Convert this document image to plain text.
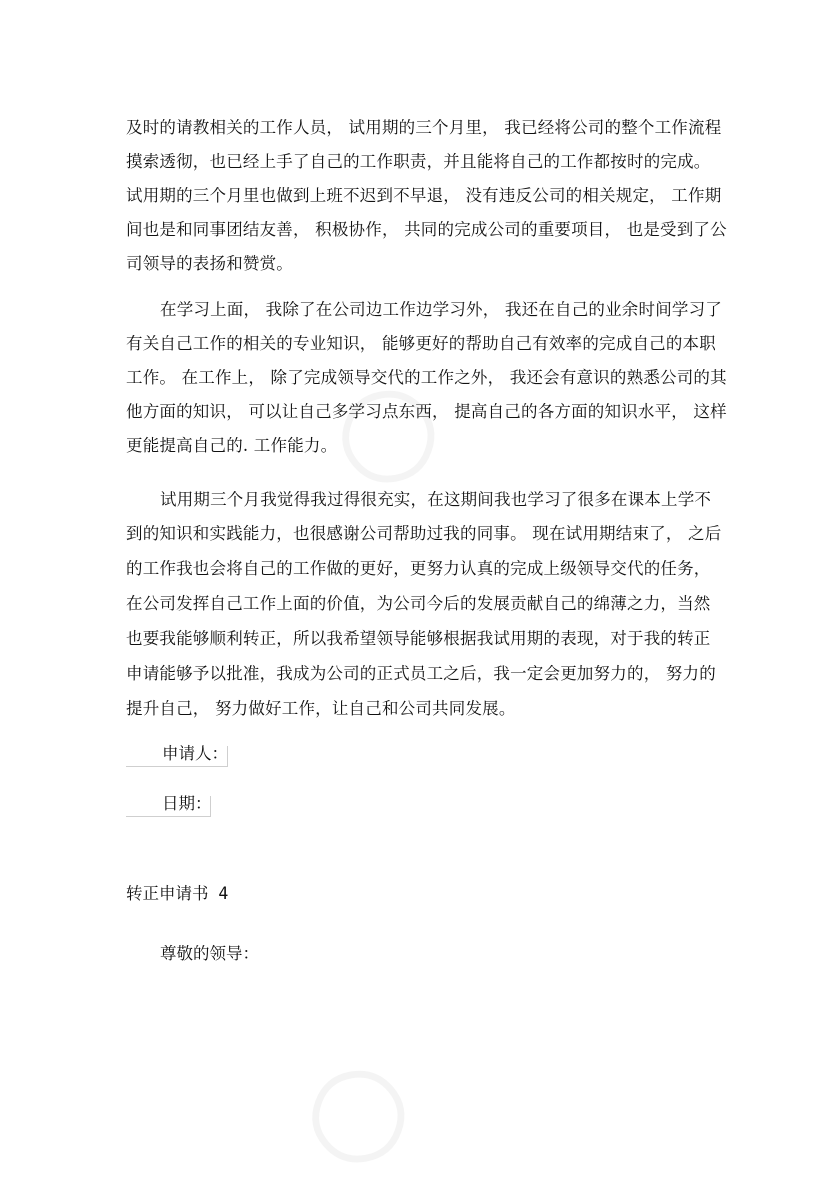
及时的请教相关的工作人员， 试用期的三个月里， 我已经将公司的整个工作流程
摸索透彻，也已经上手了自己的工作职责，并且能将自己的工作都按时的完成。
试用期的三个月里也做到上班不迟到不早退， 没有违反公司的相关规定， 工作期
间也是和同事团结友善， 积极协作， 共同的完成公司的重要项目， 也是受到了公
司领导的表扬和赞赏。
在学习上面， 我除了在公司边工作边学习外， 我还在自己的业余时间学习了
有关自己工作的相关的专业知识， 能够更好的帮助自己有效率的完成自己的本职
工作。 在工作上， 除了完成领导交代的工作之外， 我还会有意识的熟悉公司的其
他方面的知识， 可以让自己多学习点东西， 提高自己的各方面的知识水平， 这样
更能提高自己的. 工作能力。
试用期三个月我觉得我过得很充实，在这期间我也学习了很多在课本上学不
到的知识和实践能力，也很感谢公司帮助过我的同事。 现在试用期结束了， 之后
的工作我也会将自己的工作做的更好，更努力认真的完成上级领导交代的任务，
在公司发挥自己工作上面的价值，为公司今后的发展贡献自己的绵薄之力，当然
也要我能够顺利转正，所以我希望领导能够根据我试用期的表现，对于我的转正
申请能够予以批准，我成为公司的正式员工之后，我一定会更加努力的， 努力的
提升自己， 努力做好工作，让自己和公司共同发展。
申请人：
日期：
转正申请书 4
尊敬的领导：
